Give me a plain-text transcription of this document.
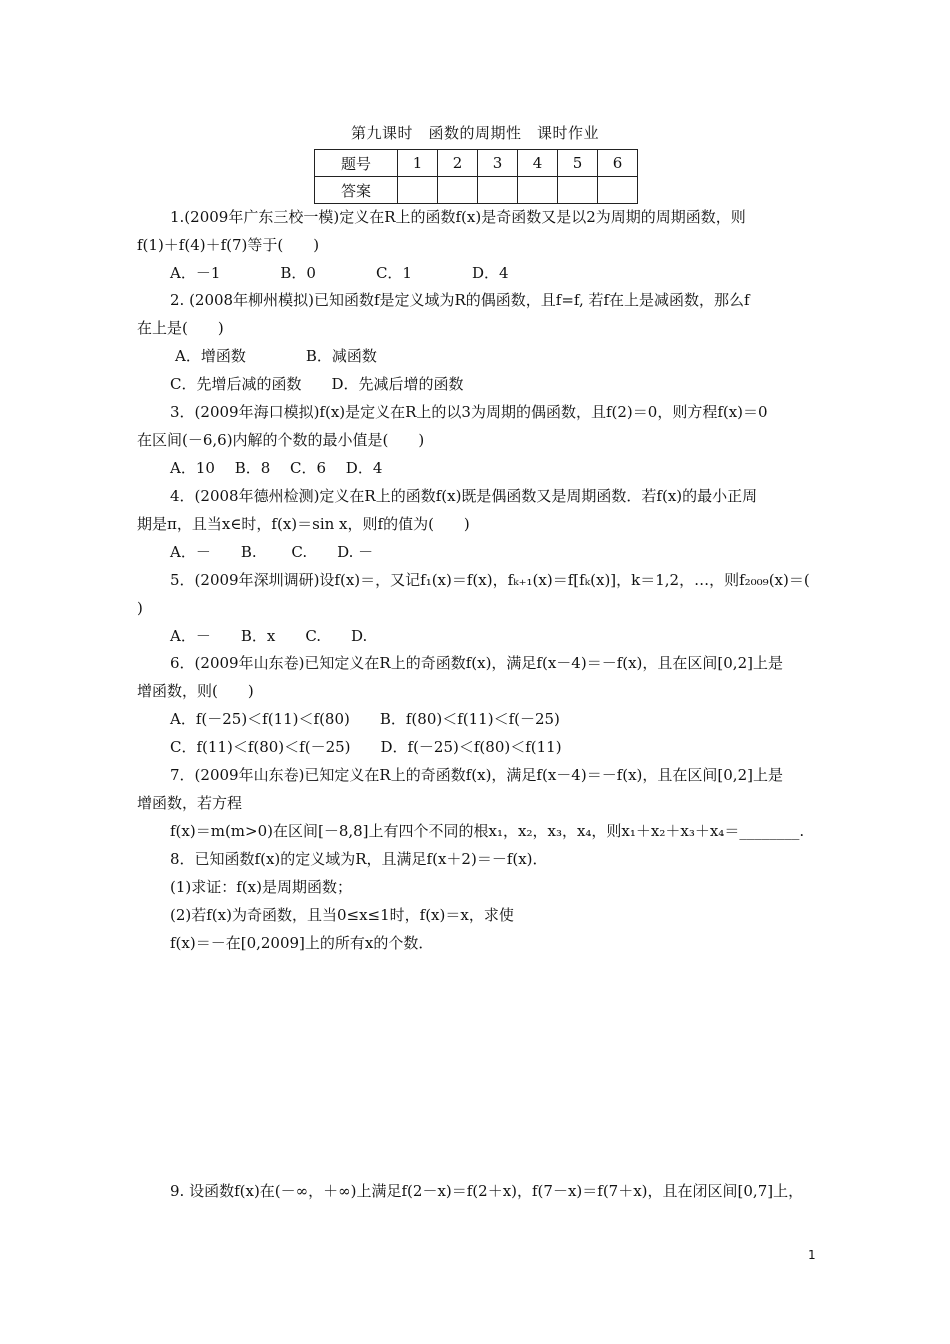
第九课时　函数的周期性　课时作业
题号	1	2	3	4	5	6
答案						
1.(2009年广东三校一模)定义在R上的函数f(x)是奇函数又是以2为周期的周期函数，则
f(1)＋f(4)＋f(7)等于(　　)
A．－1　　　　B．0　　　　C．1　　　　D．4
2. (2008年柳州模拟)已知函数f是定义域为R的偶函数，且f=f, 若f在上是减函数，那么f
在上是(　　)
A．增函数　　　　B．减函数
C．先增后减的函数　　D．先减后增的函数
3．(2009年海口模拟)f(x)是定义在R上的以3为周期的偶函数，且f(2)＝0，则方程f(x)＝0
在区间(－6,6)内解的个数的最小值是(　　)
A．10　 B．8　 C．6　 D．4
4．(2008年德州检测)定义在R上的函数f(x)既是偶函数又是周期函数．若f(x)的最小正周
期是π，且当x∈时，f(x)＝sin x，则f的值为(　　)
A．－　　B.　　 C.　　D. －
5．(2009年深圳调研)设f(x)＝，又记f₁(x)＝f(x)，fₖ₊₁(x)＝f[fₖ(x)]，k＝1,2，…，则f₂₀₀₉(x)＝(
)
A．－　　B．x　　C.　　D.
6．(2009年山东卷)已知定义在R上的奇函数f(x)，满足f(x－4)＝－f(x)，且在区间[0,2]上是
增函数，则(　　)
A．f(－25)＜f(11)＜f(80)　　B．f(80)＜f(11)＜f(－25)
C．f(11)＜f(80)＜f(－25)　　D．f(－25)＜f(80)＜f(11)
7．(2009年山东卷)已知定义在R上的奇函数f(x)，满足f(x－4)＝－f(x)，且在区间[0,2]上是
增函数，若方程
f(x)＝m(m>0)在区间[－8,8]上有四个不同的根x₁，x₂，x₃，x₄，则x₁＋x₂＋x₃＋x₄＝________.
8．已知函数f(x)的定义域为R，且满足f(x＋2)＝－f(x)．
(1)求证：f(x)是周期函数；
(2)若f(x)为奇函数，且当0≤x≤1时，f(x)＝x，求使
f(x)＝－在[0,2009]上的所有x的个数．
9. 设函数f(x)在(－∞，＋∞)上满足f(2－x)＝f(2＋x)，f(7－x)＝f(7＋x)，且在闭区间[0,7]上，
1
